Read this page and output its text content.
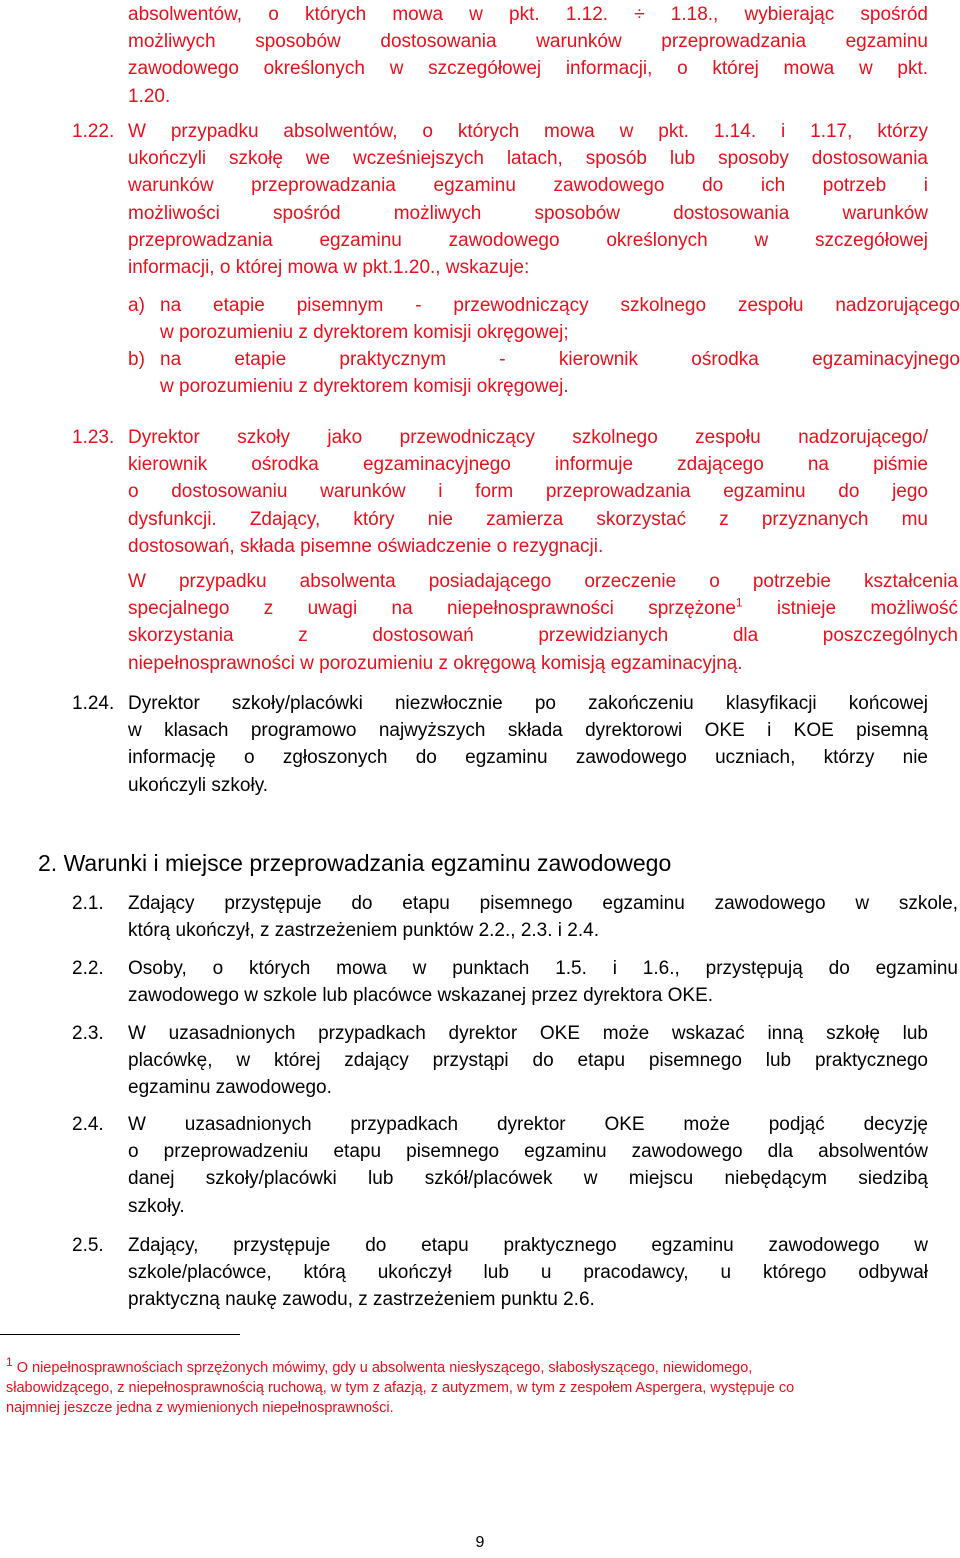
absolwentów, o których mowa w pkt. 1.12. ÷ 1.18., wybierając spośród
możliwych sposobów dostosowania warunków przeprowadzania egzaminu
zawodowego określonych w szczegółowej informacji, o której mowa w pkt.
1.20.
1.22. W przypadku absolwentów, o których mowa w pkt. 1.14. i 1.17, którzy
ukończyli szkołę we wcześniejszych latach, sposób lub sposoby dostosowania
warunków przeprowadzania egzaminu zawodowego do ich potrzeb i
możliwości spośród możliwych sposobów dostosowania warunków
przeprowadzania egzaminu zawodowego określonych w szczegółowej
informacji, o której mowa w pkt.1.20., wskazuje:
a) na etapie pisemnym - przewodniczący szkolnego zespołu nadzorującego
w porozumieniu z dyrektorem komisji okręgowej;
b) na etapie praktycznym - kierownik ośrodka egzaminacyjnego
w porozumieniu z dyrektorem komisji okręgowej.
1.23. Dyrektor szkoły jako przewodniczący szkolnego zespołu nadzorującego/
kierownik ośrodka egzaminacyjnego informuje zdającego na piśmie
o dostosowaniu warunków i form przeprowadzania egzaminu do jego
dysfunkcji. Zdający, który nie zamierza skorzystać z przyznanych mu
dostosowań, składa pisemne oświadczenie o rezygnacji.
W przypadku absolwenta posiadającego orzeczenie o potrzebie kształcenia
specjalnego z uwagi na niepełnosprawności sprzężone$^1$ istnieje możliwość
skorzystania z dostosowań przewidzianych dla poszczególnych
niepełnosprawności w porozumieniu z okręgową komisją egzaminacyjną.
1.24. Dyrektor szkoły/placówki niezwłocznie po zakończeniu klasyfikacji końcowej
w klasach programowo najwyższych składa dyrektorowi OKE i KOE pisemną
informację o zgłoszonych do egzaminu zawodowego uczniach, którzy nie
ukończyli szkoły.
2. Warunki i miejsce przeprowadzania egzaminu zawodowego
2.1. Zdający przystępuje do etapu pisemnego egzaminu zawodowego w szkole,
którą ukończył, z zastrzeżeniem punktów 2.2., 2.3. i 2.4.
2.2. Osoby, o których mowa w punktach 1.5. i 1.6., przystępują do egzaminu
zawodowego w szkole lub placówce wskazanej przez dyrektora OKE.
2.3. W uzasadnionych przypadkach dyrektor OKE może wskazać inną szkołę lub
placówkę, w której zdający przystąpi do etapu pisemnego lub praktycznego
egzaminu zawodowego.
2.4. W uzasadnionych przypadkach dyrektor OKE może podjąć decyzję
o przeprowadzeniu etapu pisemnego egzaminu zawodowego dla absolwentów
danej szkoły/placówki lub szkół/placówek w miejscu niebędącym siedzibą
szkoły.
2.5. Zdający, przystępuje do etapu praktycznego egzaminu zawodowego w
szkole/placówce, którą ukończył lub u pracodawcy, u którego odbywał
praktyczną naukę zawodu, z zastrzeżeniem punktu 2.6.
$^1$ O niepełnosprawnościach sprzężonych mówimy, gdy u absolwenta niesłyszącego, słabosłyszącego, niewidomego,
słabowidzącego, z niepełnosprawnością ruchową, w tym z afazją, z autyzmem, w tym z zespołem Aspergera, występuje co
najmniej jeszcze jedna z wymienionych niepełnosprawności.
9
